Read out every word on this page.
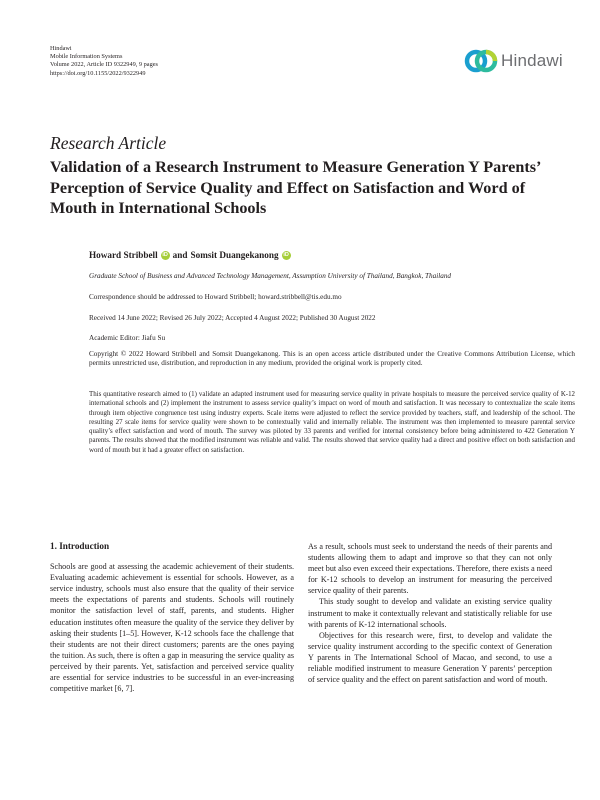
Hindawi
Mobile Information Systems
Volume 2022, Article ID 9322949, 9 pages
https://doi.org/10.1155/2022/9322949
Hindawi
Research Article
Validation of a Research Instrument to Measure Generation Y Parents’ Perception of Service Quality and Effect on Satisfaction and Word of Mouth in International Schools
Howard Stribbell iD and Somsit Duangekanong iD
Graduate School of Business and Advanced Technology Management, Assumption University of Thailand, Bangkok, Thailand
Correspondence should be addressed to Howard Stribbell; howard.stribbell@tis.edu.mo
Received 14 June 2022; Revised 26 July 2022; Accepted 4 August 2022; Published 30 August 2022
Academic Editor: Jiafu Su
Copyright © 2022 Howard Stribbell and Somsit Duangekanong. This is an open access article distributed under the Creative Commons Attribution License, which permits unrestricted use, distribution, and reproduction in any medium, provided the original work is properly cited.
This quantitative research aimed to (1) validate an adapted instrument used for measuring service quality in private hospitals to measure the perceived service quality of K-12 international schools and (2) implement the instrument to assess service quality’s impact on word of mouth and satisfaction. It was necessary to contextualize the scale items through item objective congruence test using industry experts. Scale items were adjusted to reflect the service provided by teachers, staff, and leadership of the school. The resulting 27 scale items for service quality were shown to be contextually valid and internally reliable. The instrument was then implemented to measure parental service quality’s effect satisfaction and word of mouth. The survey was piloted by 33 parents and verified for internal consistency before being administered to 422 Generation Y parents. The results showed that the modified instrument was reliable and valid. The results showed that service quality had a direct and positive effect on both satisfaction and word of mouth but it had a greater effect on satisfaction.
1. Introduction

Schools are good at assessing the academic achievement of their students. Evaluating academic achievement is essential for schools. However, as a service industry, schools must also ensure that the quality of their service meets the expectations of parents and students. Schools will routinely monitor the satisfaction level of staff, parents, and students. Higher education institutes often measure the quality of the service they deliver by asking their students [1–5]. However, K-12 schools face the challenge that their students are not their direct customers; parents are the ones paying the tuition. As such, there is often a gap in measuring the service quality as perceived by their parents. Yet, satisfaction and perceived service quality are essential for service industries to be successful in an ever-increasing competitive market [6, 7].

As a result, schools must seek to understand the needs of their parents and students allowing them to adapt and improve so that they can not only meet but also even exceed their expectations. Therefore, there exists a need for K-12 schools to develop an instrument for measuring the perceived service quality of their parents.

This study sought to develop and validate an existing service quality instrument to make it contextually relevant and statistically reliable for use with parents of K-12 international schools.

Objectives for this research were, first, to develop and validate the service quality instrument according to the specific context of Generation Y parents in The International School of Macao, and second, to use a reliable modified instrument to measure Generation Y parents’ perception of service quality and the effect on parent satisfaction and word of mouth.
